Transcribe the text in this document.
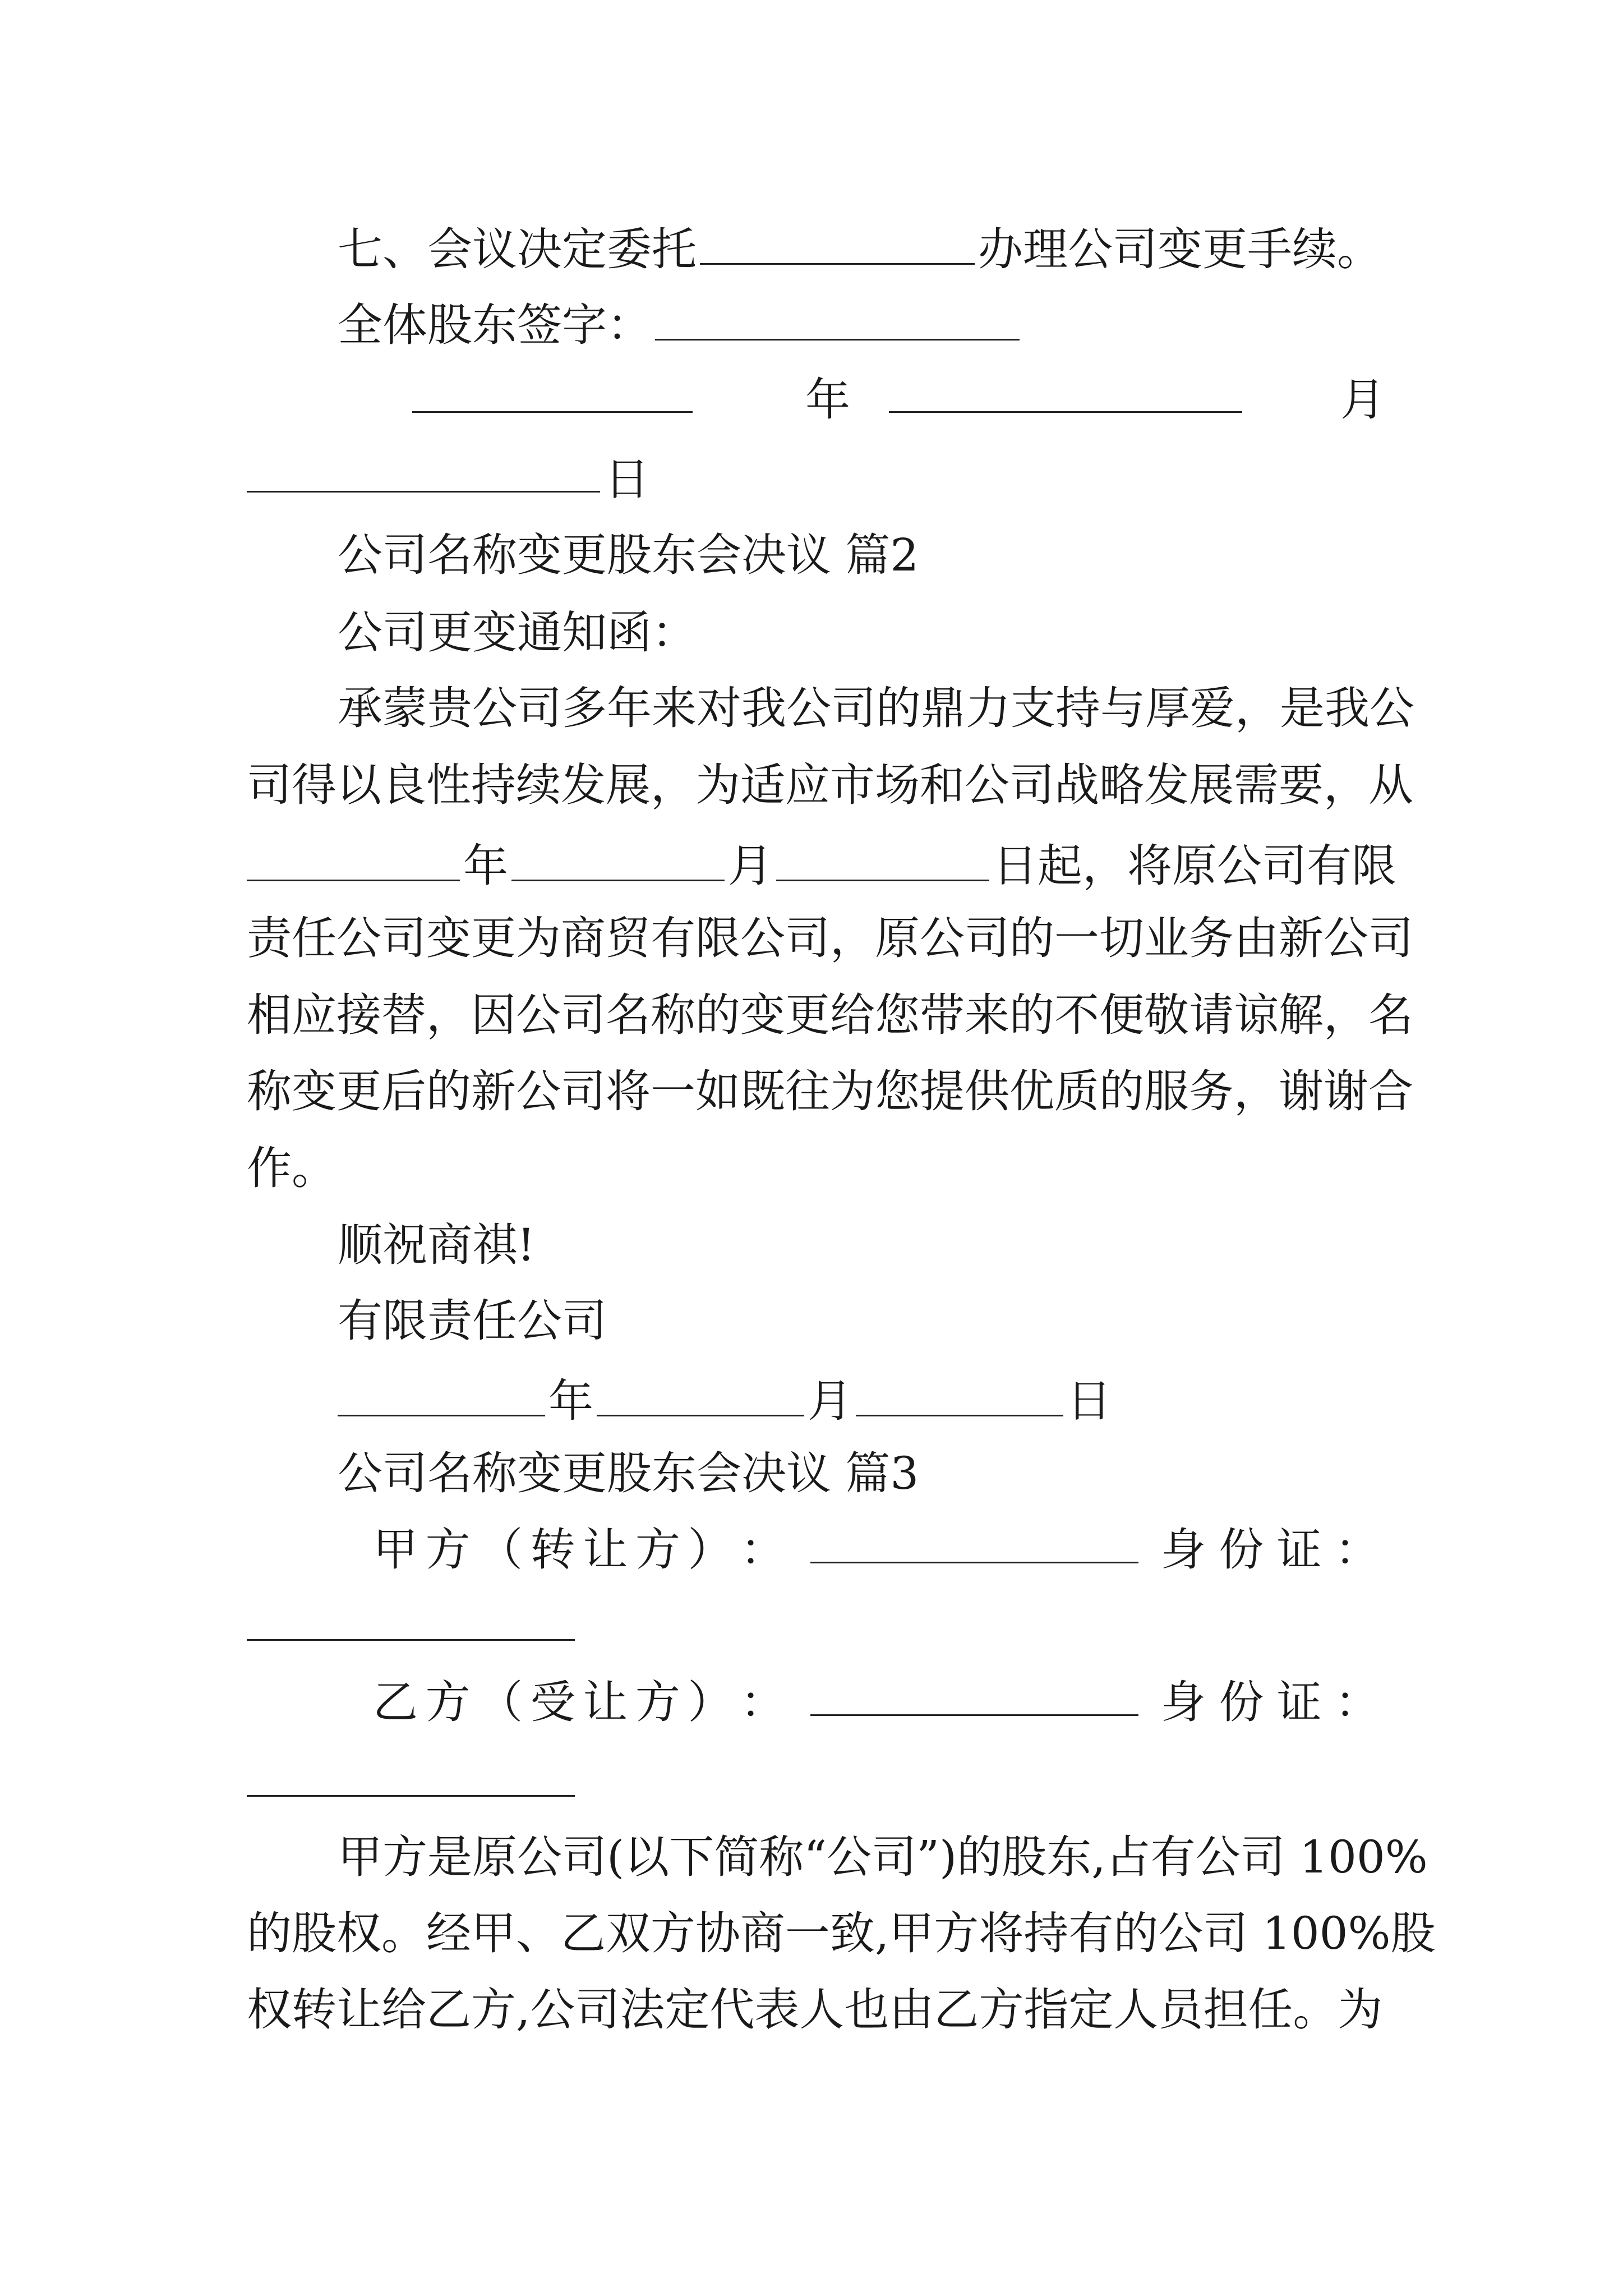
七、会议决定委托	办理公司变更手续。
全体股东签字：
年	月
日
公司名称变更股东会决议 篇2
公司更变通知函：
承蒙贵公司多年来对我公司的鼎力支持与厚爱，是我公
司得以良性持续发展，为适应市场和公司战略发展需要，从
年	月	日起，将原公司有限
责任公司变更为商贸有限公司，原公司的一切业务由新公司
相应接替，因公司名称的变更给您带来的不便敬请谅解，名
称变更后的新公司将一如既往为您提供优质的服务，谢谢合
作。
顺祝商祺!
有限责任公司
年	月	日
公司名称变更股东会决议 篇3
甲 方 （ 转 让 方 ） ：	身 份 证 ：
乙 方 （ 受 让 方 ） ：	身 份 证 ：
甲方是原公司(以下简称“公司”)的股东,占有公司 100%
的股权。经甲、乙双方协商一致,甲方将持有的公司 100%股
权转让给乙方,公司法定代表人也由乙方指定人员担任。为
